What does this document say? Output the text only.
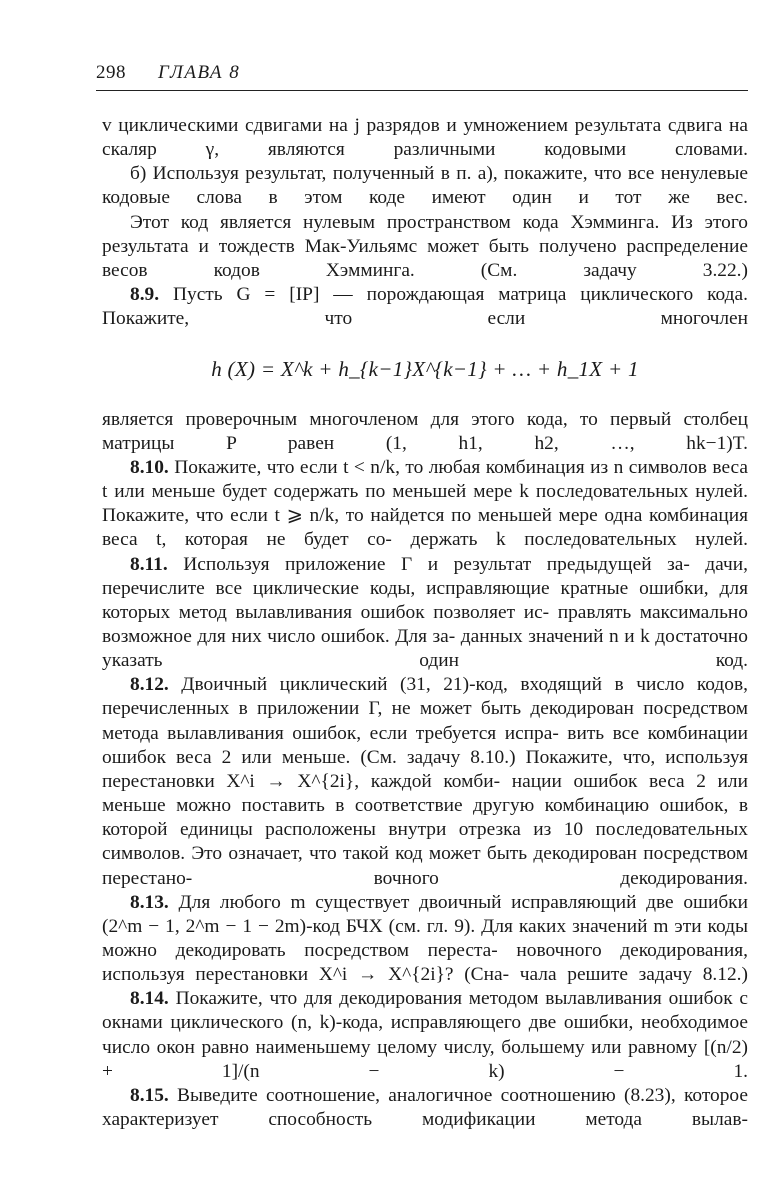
298 ГЛАВА 8

v циклическими сдвигами на j разрядов и умножением результата сдвига на скаляр γ, являются различными кодовыми словами.

б) Используя результат, полученный в п. а), покажите, что все ненулевые кодовые слова в этом коде имеют один и тот же вес.

Этот код является нулевым пространством кода Хэмминга. Из этого результата и тождеств Мак-Уильямс может быть получено распределение весов кодов Хэмминга. (См. задачу 3.22.)

8.9. Пусть G = [IP] — порождающая матрица циклического кода. Покажите, что если многочлен

h (X) = X^k + h_{k−1}X^{k−1} + … + h_1X + 1

является проверочным многочленом для этого кода, то первый столбец матрицы P равен (1, h1, h2, …, hk−1)T.

8.10. Покажите, что если t < n/k, то любая комбинация из n символов веса t или меньше будет содержать по меньшей мере k последовательных нулей. Покажите, что если t ⩾ n/k, то найдется по меньшей мере одна комбинация веса t, которая не будет со- держать k последовательных нулей.

8.11. Используя приложение Г и результат предыдущей за- дачи, перечислите все циклические коды, исправляющие кратные ошибки, для которых метод вылавливания ошибок позволяет ис- правлять максимально возможное для них число ошибок. Для за- данных значений n и k достаточно указать один код.

8.12. Двоичный циклический (31, 21)-код, входящий в число кодов, перечисленных в приложении Г, не может быть декодирован посредством метода вылавливания ошибок, если требуется испра- вить все комбинации ошибок веса 2 или меньше. (См. задачу 8.10.) Покажите, что, используя перестановки X^i → X^{2i}, каждой комби- нации ошибок веса 2 или меньше можно поставить в соответствие другую комбинацию ошибок, в которой единицы расположены внутри отрезка из 10 последовательных символов. Это означает, что такой код может быть декодирован посредством перестано-	вочного декодирования.

8.13. Для любого m существует двоичный исправляющий две ошибки (2^m − 1, 2^m − 1 − 2m)-код БЧХ (см. гл. 9). Для каких значений m эти коды можно декодировать посредством переста- новочного декодирования, используя перестановки X^i → X^{2i}? (Сна- чала решите задачу 8.12.)

8.14. Покажите, что для декодирования методом вылавливания ошибок с окнами циклического (n, k)-кода, исправляющего две ошибки, необходимое число окон равно наименьшему целому числу, большему или равному [(n/2) + 1]/(n − k) − 1.

8.15. Выведите соотношение, аналогичное соотношению (8.23), которое характеризует способность модификации метода вылав-
